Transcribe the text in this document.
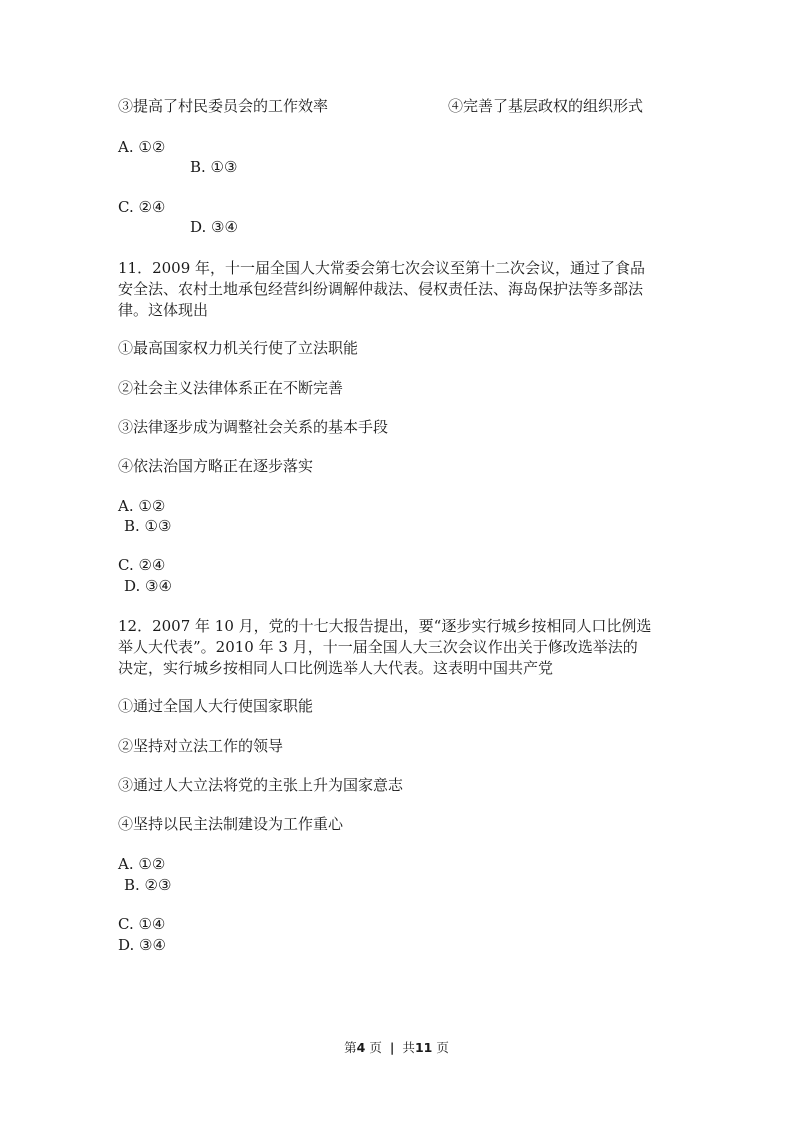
③提高了村民委员会的工作效率	④完善了基层政权的组织形式
A. ①②
B. ①③
C. ②④
D. ③④
11．2009 年，十一届全国人大常委会第七次会议至第十二次会议，通过了食品
安全法、农村土地承包经营纠纷调解仲裁法、侵权责任法、海岛保护法等多部法
律。这体现出
①最高国家权力机关行使了立法职能
②社会主义法律体系正在不断完善
③法律逐步成为调整社会关系的基本手段
④依法治国方略正在逐步落实
A. ①②
B. ①③
C. ②④
D. ③④
12．2007 年 10 月，党的十七大报告提出，要“逐步实行城乡按相同人口比例选
举人大代表”。2010 年 3 月，十一届全国人大三次会议作出关于修改选举法的
决定，实行城乡按相同人口比例选举人大代表。这表明中国共产党
①通过全国人大行使国家职能
②坚持对立法工作的领导
③通过人大立法将党的主张上升为国家意志
④坚持以民主法制建设为工作重心
A. ①②
B. ②③
C. ①④
D. ③④
第4 页 | 共11 页
